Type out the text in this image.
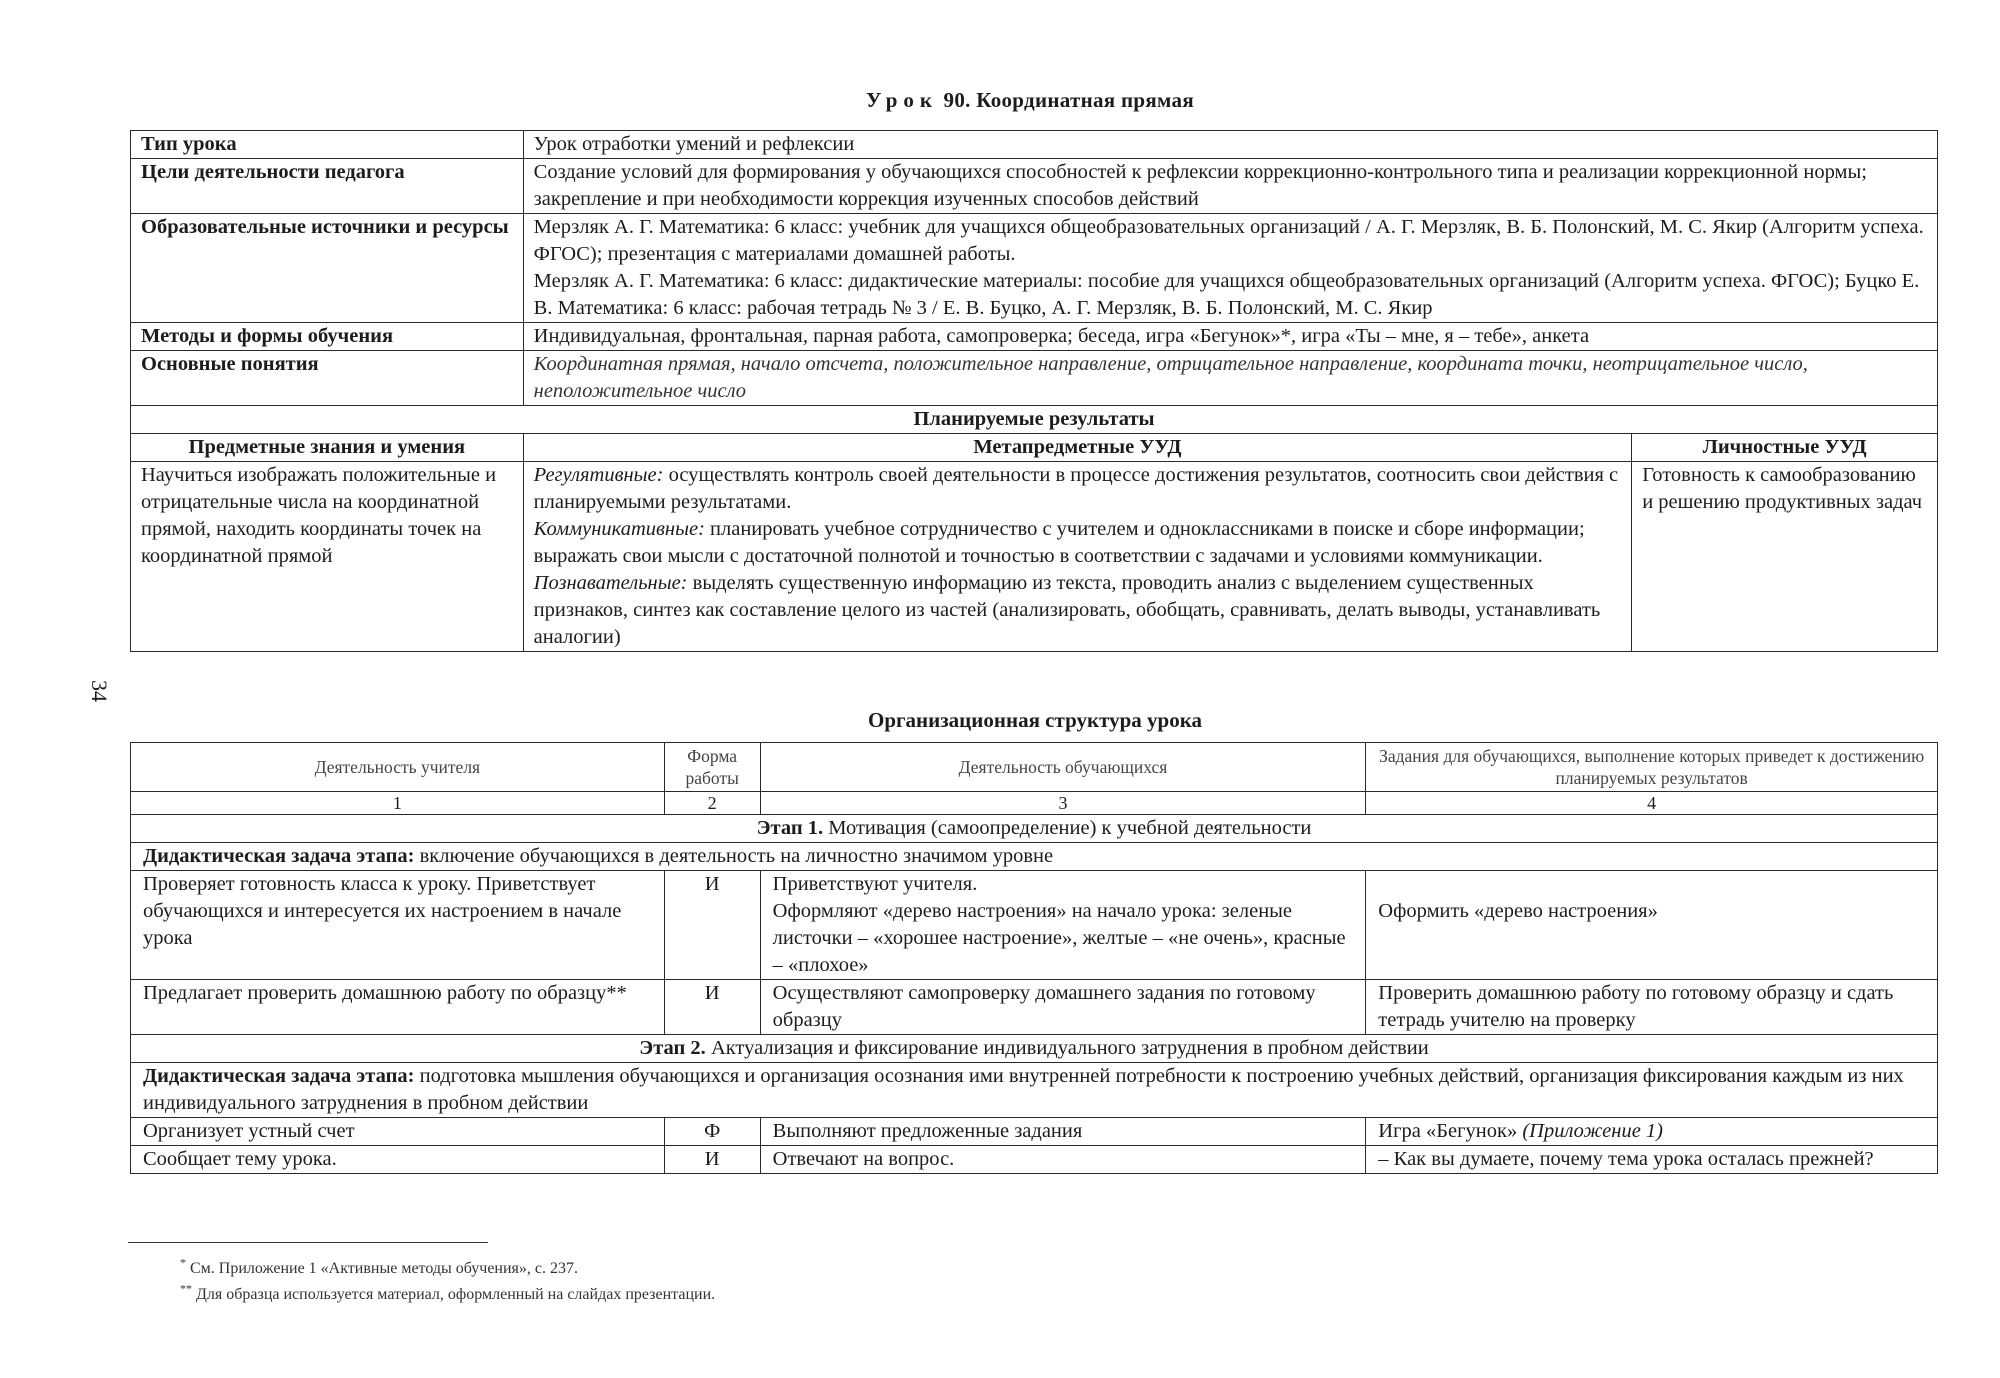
34
Урок 90. Координатная прямая
Тип урока	Урок отработки умений и рефлексии	
Цели деятельности педагога	Создание условий для формирования у обучающихся способностей к рефлексии коррекционно-контрольного типа и реализации коррекционной нормы; закрепление и при необходимости коррекция изученных способов действий	
Образовательные источники и ресурсы	Мерзляк А. Г. Математика: 6 класс: учебник для учащихся общеобразовательных организаций / А. Г. Мерзляк, В. Б. Полонский, М. С. Якир (Алгоритм успеха. ФГОС); презентация с материалами домашней работы.
Мерзляк А. Г. Математика: 6 класс: дидактические материалы: пособие для учащихся общеобразовательных организаций (Алгоритм успеха. ФГОС); Буцко Е. В. Математика: 6 класс: рабочая тетрадь № 3 / Е. В. Буцко, А. Г. Мерзляк, В. Б. Полонский, М. С. Якир	

Методы и формы обучения	Индивидуальная, фронтальная, парная работа, самопроверка; беседа, игра «Бегунок»*, игра «Ты – мне, я – тебе», анкета	
Основные понятия	Координатная прямая, начало отсчета, положительное направление, отрицательное направление, координата точки, неотрицательное число, неположительное число	
Планируемые результаты		
Предметные знания и умения	Метапредметные УУД	Личностные УУД
Научиться изображать положительные и отрицательные числа на координатной прямой, находить координаты точек на координатной прямой	Регулятивные: осуществлять контроль своей деятельности в процессе достижения результатов, соотносить свои действия с планируемыми результатами.
Коммуникативные: планировать учебное сотрудничество с учителем и одноклассниками в поиске и сборе информации; выражать свои мысли с достаточной полнотой и точностью в соответствии с задачами и условиями коммуникации.
Познавательные: выделять существенную информацию из текста, проводить анализ с выделением существенных признаков, синтез как составление целого из частей (анализировать, обобщать, сравнивать, делать выводы, устанавливать аналогии)	Готовность к самообразованию и решению продуктивных задач
Организационная структура урока
Деятельность учителя	Форма работы	Деятельность обучающихся	Задания для обучающихся, выполнение которых приведет к достижению планируемых результатов
1	2	3	4
Этап 1. Мотивация (самоопределение) к учебной деятельности			
Дидактическая задача этапа: включение обучающихся в деятельность на личностно значимом уровне			
Проверяет готовность класса к уроку. Приветствует обучающихся и интересуется их настроением в начале урока	И	Приветствуют учителя.
Оформляют «дерево настроения» на начало урока: зеленые листочки – «хорошее настроение», желтые – «не очень», красные – «плохое»	Оформить «дерево настроения»
Предлагает проверить домашнюю работу по образцу**	И	Осуществляют самопроверку домашнего задания по готовому образцу	Проверить домашнюю работу по готовому образцу и сдать тетрадь учителю на проверку
Этап 2. Актуализация и фиксирование индивидуального затруднения в пробном действии			
Дидактическая задача этапа: подготовка мышления обучающихся и организация осознания ими внутренней потребности к построению учебных действий, организация фиксирования каждым из них индивидуального затруднения в пробном действии			
Организует устный счет	Ф	Выполняют предложенные задания	Игра «Бегунок» (Приложение 1)
Сообщает тему урока.	И	Отвечают на вопрос.	– Как вы думаете, почему тема урока осталась прежней?
* См. Приложение 1 «Активные методы обучения», с. 237.
** Для образца используется материал, оформленный на слайдах презентации.
